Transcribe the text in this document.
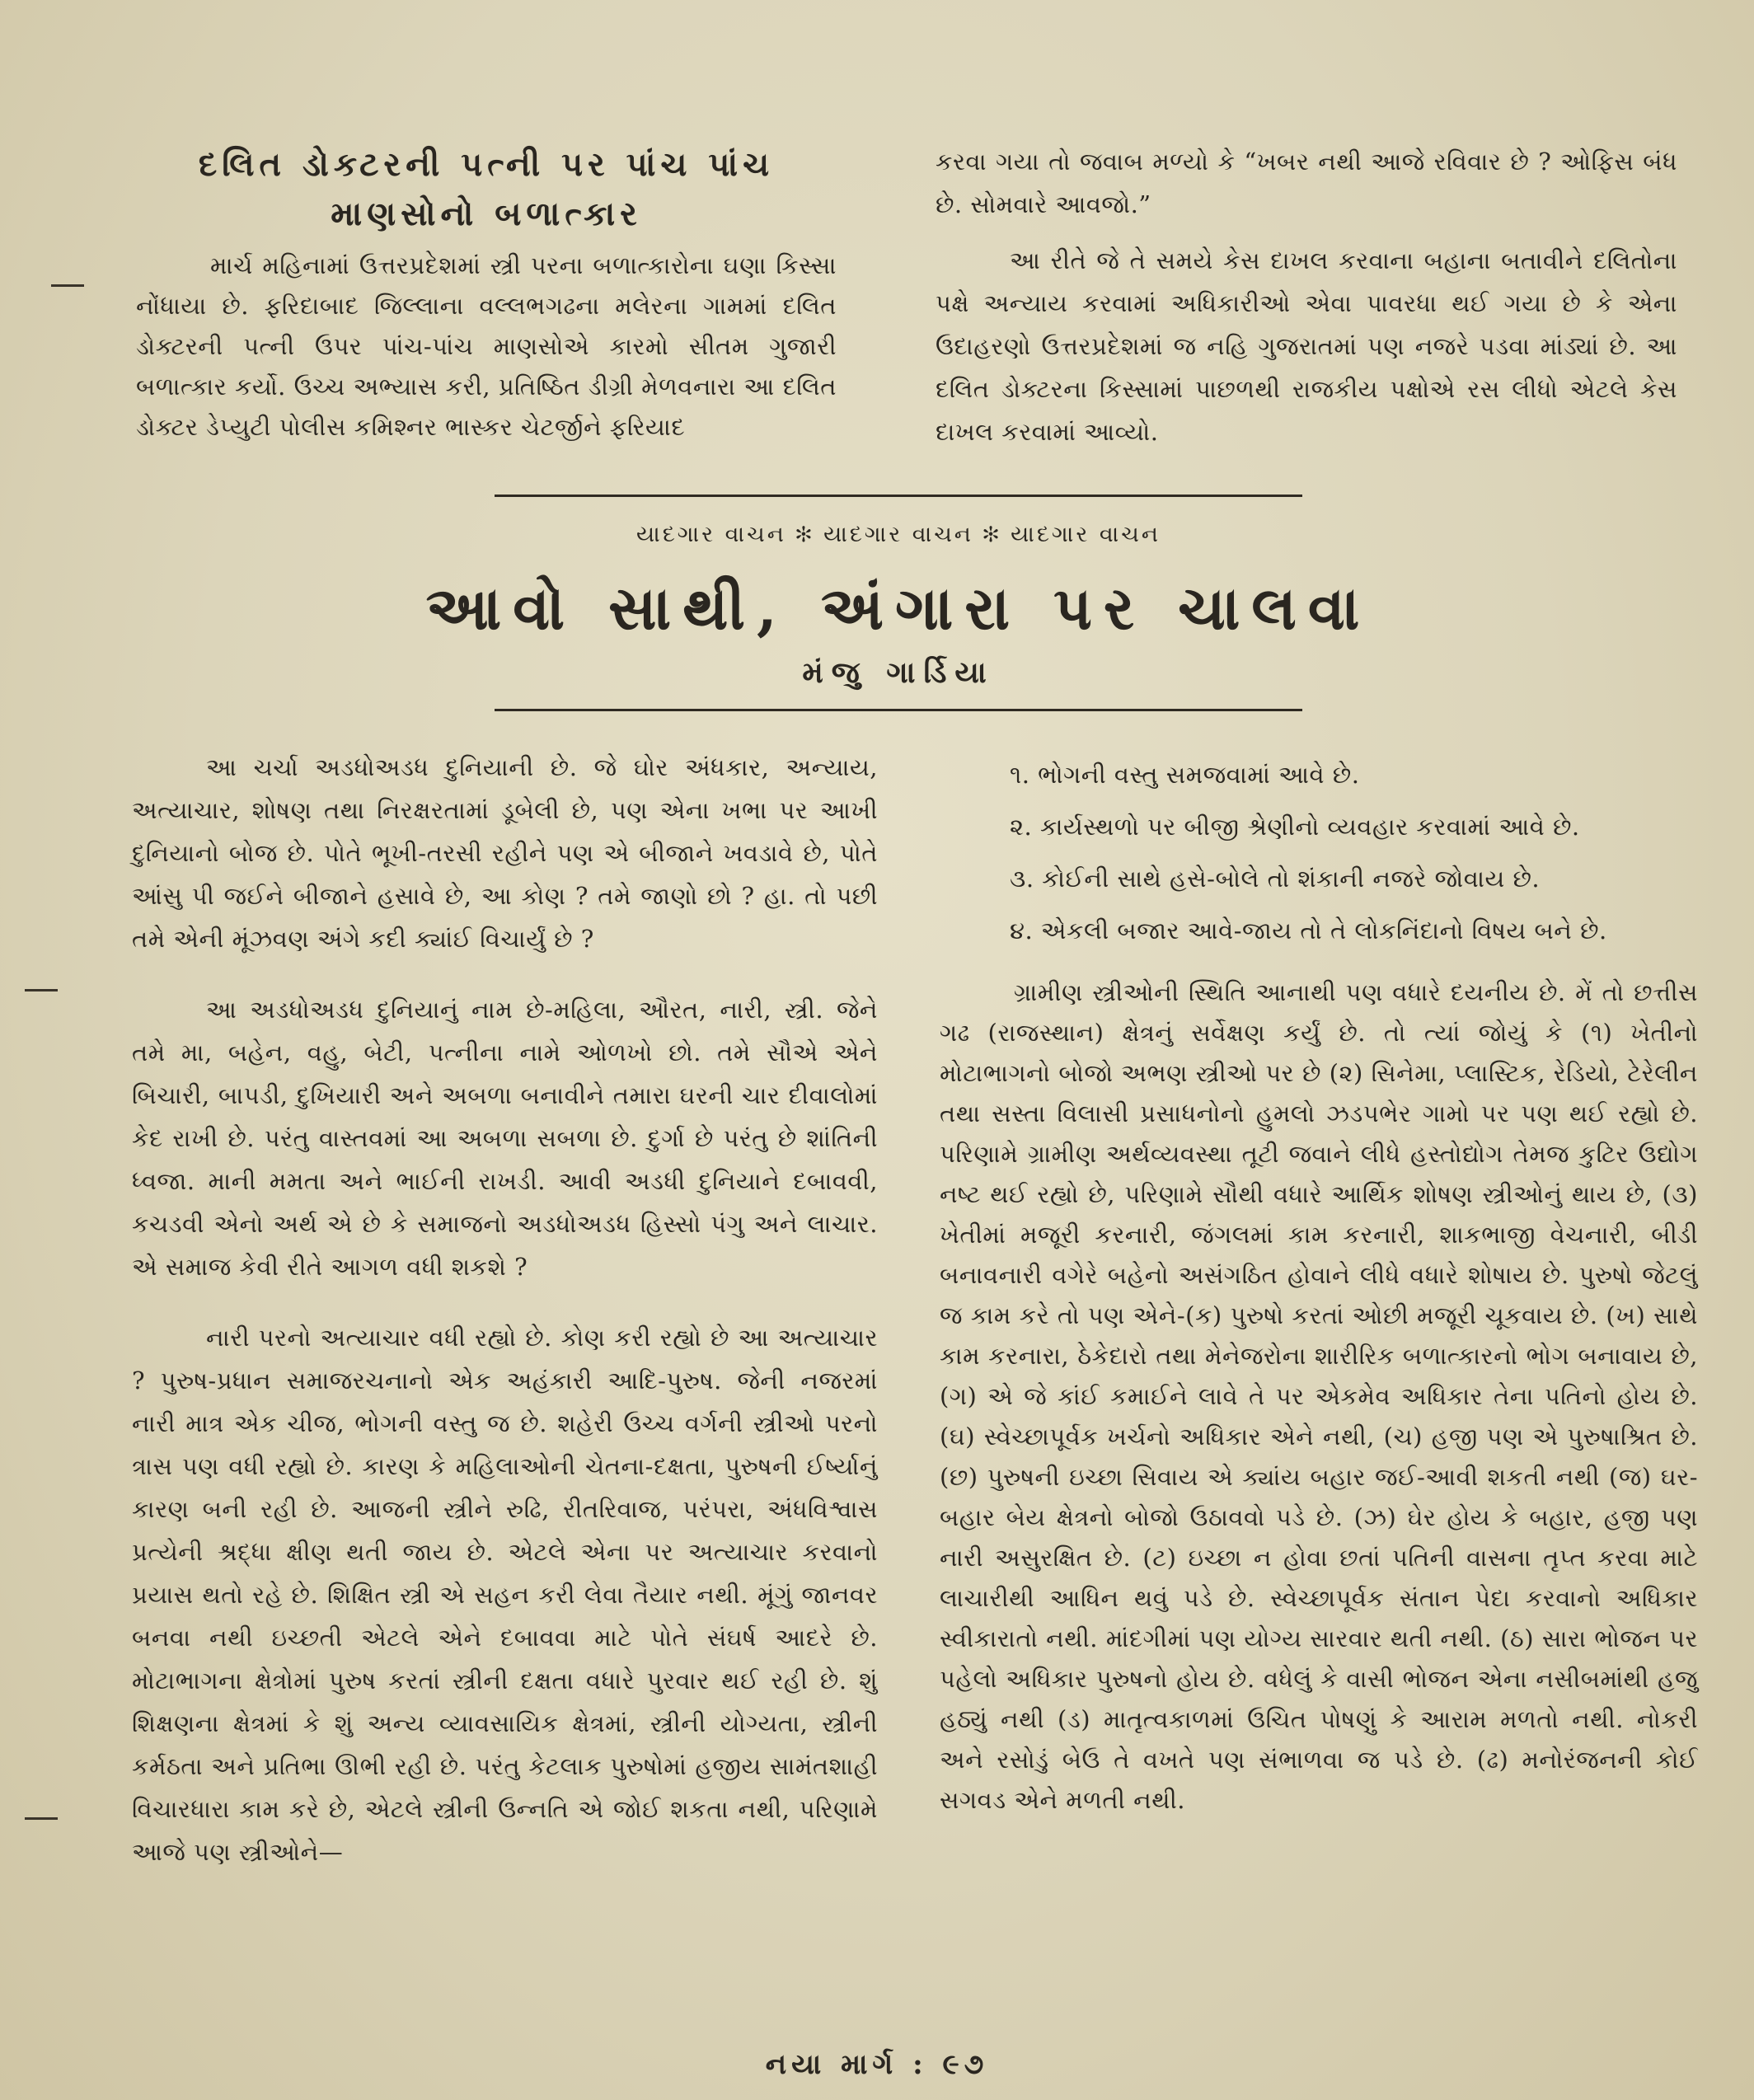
દલિત ડોક્ટરની પત્ની પર પાંચ પાંચ
માણસોનો બળાત્કાર

માર્ચ મહિનામાં ઉત્તરપ્રદેશમાં સ્ત્રી પરના બળાત્કારોના ઘણા કિસ્સા નોંધાયા છે. ફરિદાબાદ જિલ્લાના વલ્લભગઢના મલેરના ગામમાં દલિત ડોક્ટરની પત્ની ઉપર પાંચ-પાંચ માણસોએ કારમો સીતમ ગુજારી બળાત્કાર કર્યો. ઉચ્ચ અભ્યાસ કરી, પ્રતિષ્ઠિત ડીગ્રી મેળવનારા આ દલિત ડોક્ટર ડેપ્યુટી પોલીસ કમિશ્નર ભાસ્કર ચેટર્જીને ફરિયાદ

કરવા ગયા તો જવાબ મળ્યો કે “ખબર નથી આજે રવિવાર છે ? ઓફિસ બંધ છે. સોમવારે આવજો.”

આ રીતે જે તે સમયે કેસ દાખલ કરવાના બહાના બતાવીને દલિતોના પક્ષે અન્યાય કરવામાં અધિકારીઓ એવા પાવરધા થઈ ગયા છે કે એના ઉદાહરણો ઉત્તરપ્રદેશમાં જ નહિ ગુજરાતમાં પણ નજરે પડવા માંડ્યાં છે. આ દલિત ડોક્ટરના કિસ્સામાં પાછળથી રાજકીય પક્ષોએ રસ લીધો એટલે કેસ દાખલ કરવામાં આવ્યો.

યાદગાર વાચન ✻ યાદગાર વાચન ✻ યાદગાર વાચન
આવો સાથી, અંગારા પર ચાલવા
મંજુ ગાર્ડિયા

આ ચર્ચા અડધોઅડધ દુનિયાની છે. જે ઘોર અંધકાર, અન્યાય, અત્યાચાર, શોષણ તથા નિરક્ષરતામાં ડૂબેલી છે, પણ એના ખભા પર આખી દુનિયાનો બોજ છે. પોતે ભૂખી-તરસી રહીને પણ એ બીજાને ખવડાવે છે, પોતે આંસુ પી જઈને બીજાને હસાવે છે, આ કોણ ? તમે જાણો છો ? હા. તો પછી તમે એની મૂંઝવણ અંગે કદી ક્યાંઈ વિચાર્યું છે ?

આ અડધોઅડધ દુનિયાનું નામ છે-મહિલા, ઔરત, નારી, સ્ત્રી. જેને તમે મા, બહેન, વહુ, બેટી, પત્નીના નામે ઓળખો છો. તમે સૌએ એને બિચારી, બાપડી, દુખિયારી અને અબળા બનાવીને તમારા ઘરની ચાર દીવાલોમાં કેદ રાખી છે. પરંતુ વાસ્તવમાં આ અબળા સબળા છે. દુર્ગા છે પરંતુ છે શાંતિની ધ્વજા. માની મમતા અને ભાઈની રાખડી. આવી અડધી દુનિયાને દબાવવી, કચડવી એનો અર્થ એ છે કે સમાજનો અડધોઅડધ હિસ્સો પંગુ અને લાચાર. એ સમાજ કેવી રીતે આગળ વધી શકશે ?

નારી પરનો અત્યાચાર વધી રહ્યો છે. કોણ કરી રહ્યો છે આ અત્યાચાર ? પુરુષ-પ્રધાન સમાજરચનાનો એક અહંકારી આદિ-પુરુષ. જેની નજરમાં નારી માત્ર એક ચીજ, ભોગની વસ્તુ જ છે. શહેરી ઉચ્ચ વર્ગની સ્ત્રીઓ પરનો ત્રાસ પણ વધી રહ્યો છે. કારણ કે મહિલાઓની ચેતના-દક્ષતા, પુરુષની ઈર્ષ્યાનું કારણ બની રહી છે. આજની સ્ત્રીને રુઢિ, રીતરિવાજ, પરંપરા, અંધવિશ્વાસ પ્રત્યેની શ્રદ્ધા ક્ષીણ થતી જાય છે. એટલે એના પર અત્યાચાર કરવાનો પ્રયાસ થતો રહે છે. શિક્ષિત સ્ત્રી એ સહન કરી લેવા તૈયાર નથી. મૂંગું જાનવર બનવા નથી ઇચ્છતી એટલે એને દબાવવા માટે પોતે સંઘર્ષ આદરે છે. મોટાભાગના ક્ષેત્રોમાં પુરુષ કરતાં સ્ત્રીની દક્ષતા વધારે પુરવાર થઈ રહી છે. શું શિક્ષણના ક્ષેત્રમાં કે શું અન્ય વ્યાવસાયિક ક્ષેત્રમાં, સ્ત્રીની યોગ્યતા, સ્ત્રીની કર્મઠતા અને પ્રતિભા ઊભી રહી છે. પરંતુ કેટલાક પુરુષોમાં હજીય સામંતશાહી વિચારધારા કામ કરે છે, એટલે સ્ત્રીની ઉન્નતિ એ જોઈ શકતા નથી, પરિણામે આજે પણ સ્ત્રીઓને—

૧. ભોગની વસ્તુ સમજવામાં આવે છે.

૨. કાર્યસ્થળો પર બીજી શ્રેણીનો વ્યવહાર કરવામાં આવે છે.

૩. કોઈની સાથે હસે-બોલે તો શંકાની નજરે જોવાય છે.

૪. એકલી બજાર આવે-જાય તો તે લોકનિંદાનો વિષય બને છે.

ગ્રામીણ સ્ત્રીઓની સ્થિતિ આનાથી પણ વધારે દયનીય છે. મેં તો છત્તીસ ગઢ (રાજસ્થાન) ક્ષેત્રનું સર્વેક્ષણ કર્યું છે. તો ત્યાં જોયું કે (૧) ખેતીનો મોટાભાગનો બોજો અભણ સ્ત્રીઓ પર છે (૨) સિનેમા, પ્લાસ્ટિક, રેડિયો, ટેરેલીન તથા સસ્તા વિલાસી પ્રસાધનોનો હુમલો ઝડપભેર ગામો પર પણ થઈ રહ્યો છે. પરિણામે ગ્રામીણ અર્થવ્યવસ્થા તૂટી જવાને લીધે હસ્તોદ્યોગ તેમજ કુટિર ઉદ્યોગ નષ્ટ થઈ રહ્યો છે, પરિણામે સૌથી વધારે આર્થિક શોષણ સ્ત્રીઓનું થાય છે, (૩) ખેતીમાં મજૂરી કરનારી, જંગલમાં કામ કરનારી, શાકભાજી વેચનારી, બીડી બનાવનારી વગેરે બહેનો અસંગઠિત હોવાને લીધે વધારે શોષાય છે. પુરુષો જેટલું જ કામ કરે તો પણ એને-(ક) પુરુષો કરતાં ઓછી મજૂરી ચૂકવાય છે. (ખ) સાથે કામ કરનારા, ઠેકેદારો તથા મેનેજરોના શારીરિક બળાત્કારનો ભોગ બનાવાય છે, (ગ) એ જે કાંઈ કમાઈને લાવે તે પર એકમેવ અધિકાર તેના પતિનો હોય છે. (ઘ) સ્વેચ્છાપૂર્વક ખર્ચનો અધિકાર એને નથી, (ચ) હજી પણ એ પુરુષાશ્રિત છે. (છ) પુરુષની ઇચ્છા સિવાય એ ક્યાંય બહાર જઈ-આવી શકતી નથી (જ) ઘર-બહાર બેય ક્ષેત્રનો બોજો ઉઠાવવો પડે છે. (ઝ) ઘેર હોય કે બહાર, હજી પણ નારી અસુરક્ષિત છે. (ટ) ઇચ્છા ન હોવા છતાં પતિની વાસના તૃપ્ત કરવા માટે લાચારીથી આધિન થવું પડે છે. સ્વેચ્છાપૂર્વક સંતાન પેદા કરવાનો અધિકાર સ્વીકારાતો નથી. માંદગીમાં પણ યોગ્ય સારવાર થતી નથી. (ઠ) સારા ભોજન પર પહેલો અધિકાર પુરુષનો હોય છે. વધેલું કે વાસી ભોજન એના નસીબમાંથી હજુ હઠ્યું નથી (ડ) માતૃત્વકાળમાં ઉચિત પોષણું કે આરામ મળતો નથી. નોકરી અને રસોડું બેઉ તે વખતે પણ સંભાળવા જ પડે છે. (ઢ) મનોરંજનની કોઈ સગવડ એને મળતી નથી.

નયા માર્ગ : ૯૭
